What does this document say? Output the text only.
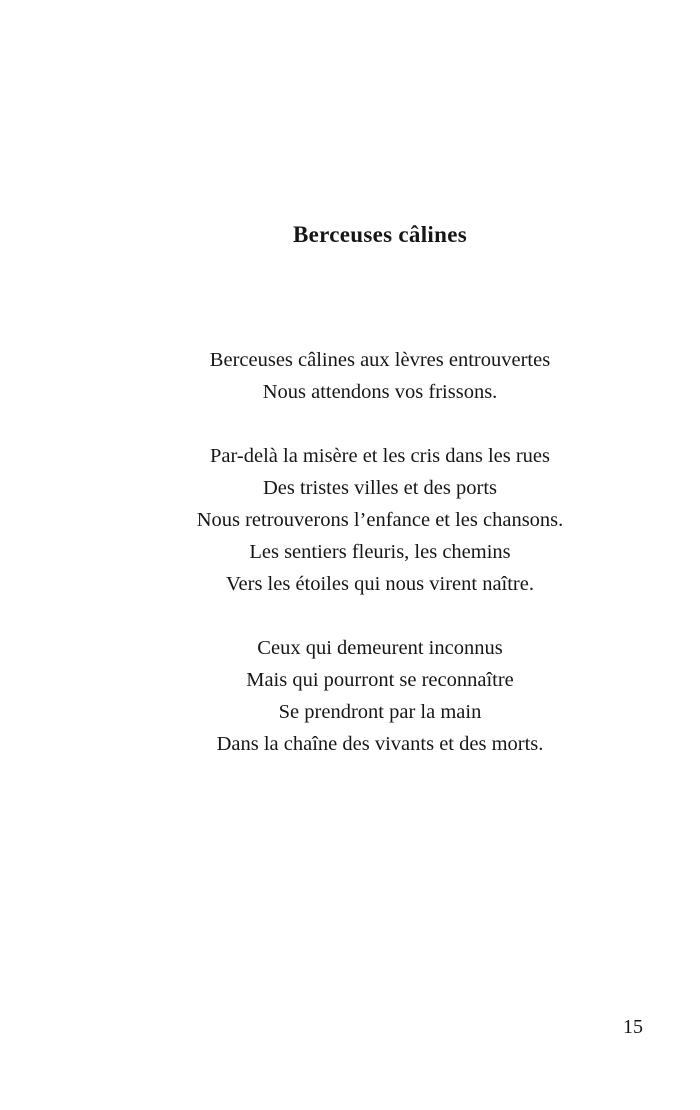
Berceuses câlines
Berceuses câlines aux lèvres entrouvertes
Nous attendons vos frissons.
Par-delà la misère et les cris dans les rues
Des tristes villes et des ports
Nous retrouverons l’enfance et les chansons.
Les sentiers fleuris, les chemins
Vers les étoiles qui nous virent naître.
Ceux qui demeurent inconnus
Mais qui pourront se reconnaître
Se prendront par la main
Dans la chaîne des vivants et des morts.
15
